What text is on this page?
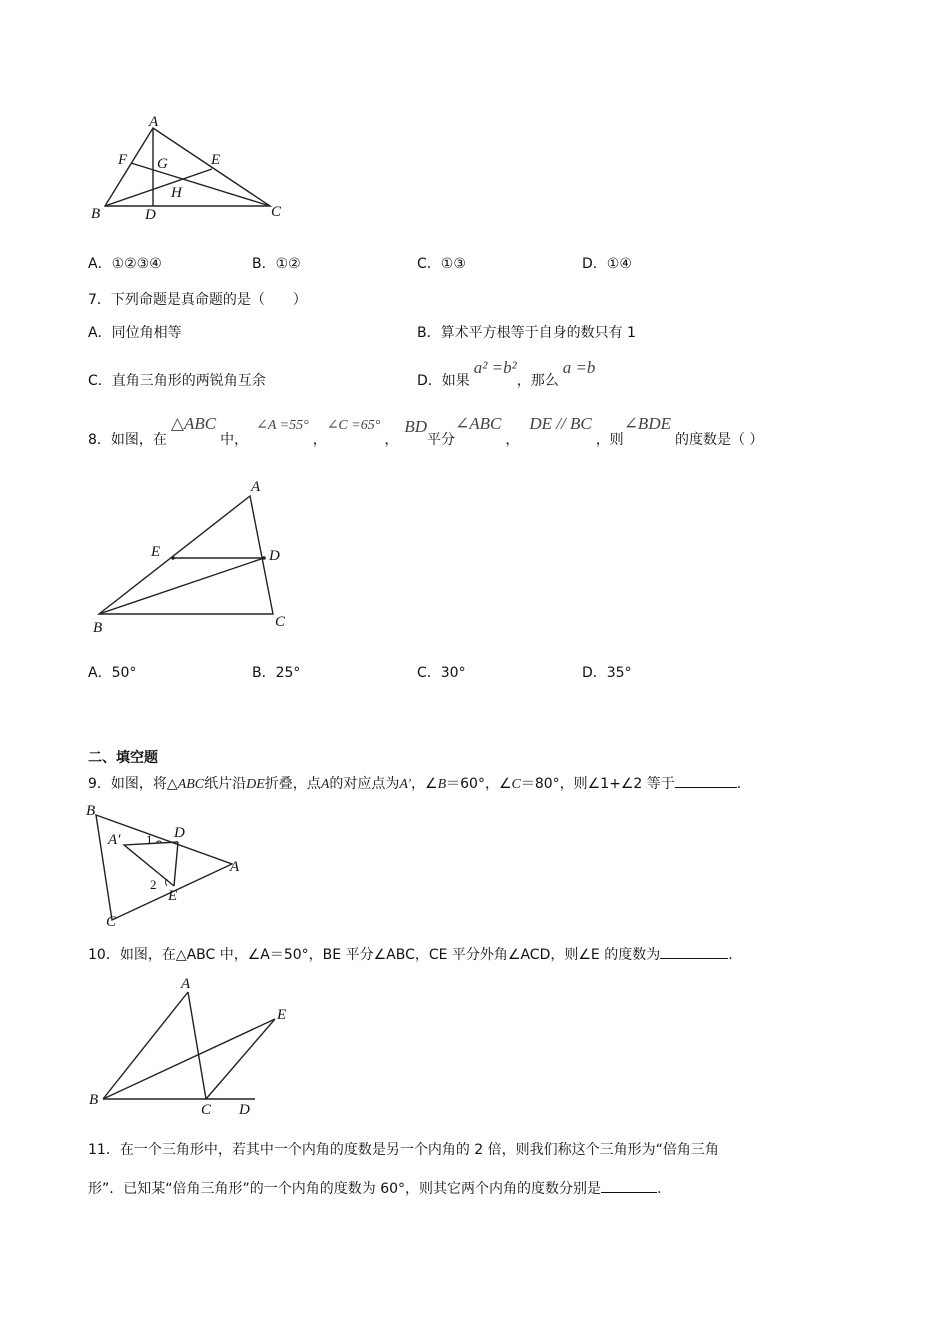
A
F G	E
H
B	D	C
A．①②③④	B．①②	C．①③	D．①④
7．下列命题是真命题的是（　　）
A．同位角相等	B．算术平方根等于自身的数只有 1
C．直角三角形的两锐角互余	D．如果a² =b²，那么a =b
8．如图，在△ABC中，∠A =55°，∠C =65°，BD平分∠ABC，DE // BC，则∠BDE的度数是（ ）
A
E	D
B	C
A．50°	B．25°	C．30°	D．35°
二、填空题
9．如图，将△ABC纸片沿DE折叠，点A的对应点为A′，∠B＝60°，∠C＝80°，则∠1+∠2 等于	.
B
A′ 1 D
A
2
E
C
10．如图，在△ABC 中，∠A＝50°，BE 平分∠ABC，CE 平分外角∠ACD，则∠E 的度数为	.
A
E
B
C D
11．在一个三角形中，若其中一个内角的度数是另一个内角的 2 倍，则我们称这个三角形为“倍角三角
形”．已知某“倍角三角形”的一个内角的度数为 60°，则其它两个内角的度数分别是	.
